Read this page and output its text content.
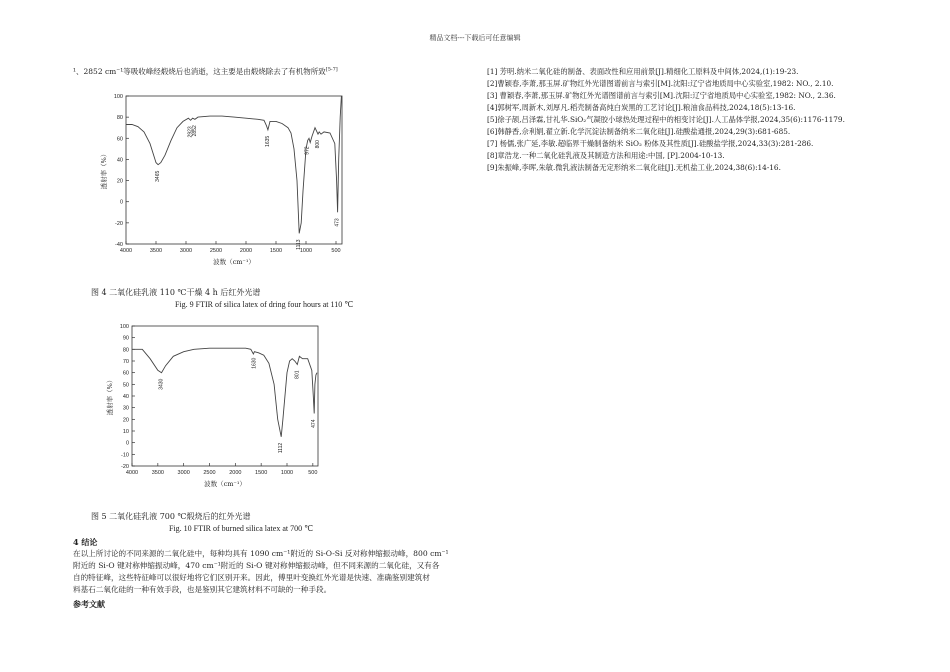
精品文档---下载后可任意编辑
¹、2852 cm⁻¹等吸收峰经煅烧后也消逝，这主要是由煅烧除去了有机物所致[5-7]
4000	3500	3000	2500	2000	1500	1000	500
100
80
60
40
20
0
-20
-40
3465
2923
2852
1635
1113
972
800
473
波数（cm⁻¹）
透射率（%）
图 4 二氧化硅乳液 110 ℃干燥 4 h 后红外光谱
Fig. 9 FTIR of silica latex of dring four hours at 110 ℃
4000 3500 3000 2500 2000 1500 1000	500
100
90
80
70
60
50
40
30
20
10
0
-10
-20
3430
1630
1112
801
474
波数（cm⁻¹）
透射率（%）
图 5 二氧化硅乳液 700 ℃煅烧后的红外光谱
Fig. 10 FTIR of burned silica latex at 700 ℃
4 结论

在以上所讨论的不同来源的二氧化硅中，每种均具有 1090 cm⁻¹附近的 Si-O-Si 反对称伸缩振动峰，800 cm⁻¹

附近的 Si-O 键对称伸缩振动峰，470 cm⁻¹附近的 Si-O 键对称伸缩振动峰，但不同来源的二氧化硅，又有各

自的特征峰，这些特征峰可以很好地将它们区别开来。因此，傅里叶变换红外光谱是快速、准确鉴别建筑材

料基石二氧化硅的一种有效手段，也是鉴别其它建筑材料不可缺的一种手段。

参考文献
[1] 芳明.纳米二氧化硅的制备、表面改性和应用前景[J].精细化工原料及中间体,2024,(1):19-23.
[2]曹颖春,李萧,那玉屏.矿物红外光谱图谱前言与索引[M].沈阳:辽宁省地质局中心实验室,1982: NO., 2.10.
[3] 曹颖春,李萧,那玉屏.矿物红外光谱图谱前言与索引[M].沈阳:辽宁省地质局中心实验室,1982: NO., 2.36.
[4]郭树军,周新木,刘厚凡.稻壳制备高纯白炭黑的工艺讨论[J].粮油食品科技,2024,18(5):13-16.
[5]徐子颉,吕泽霖,甘礼华.SiO₂气凝胶小球热处理过程中的相变讨论[J].人工晶体学报,2024,35(6):1176-1179.
[6]韩静香,佘利娟,翟立新.化学沉淀法制备纳米二氧化硅[J].硅酸盐通报,2024,29(3):681-685.
[7] 杨儒,张广延,李敏.超临界干燥制备纳米 SiO₂ 粉体及其性质[J].硅酸盐学报,2024,33(3):281-286.
[8]章浩龙.一种二氧化硅乳液及其制造方法和用途:中国, [P].2004-10-13.
[9]朱振峰,李晖,朱敏.微乳液法制备无定形纳米二氧化硅[J].无机盐工业,2024,38(6):14-16.
